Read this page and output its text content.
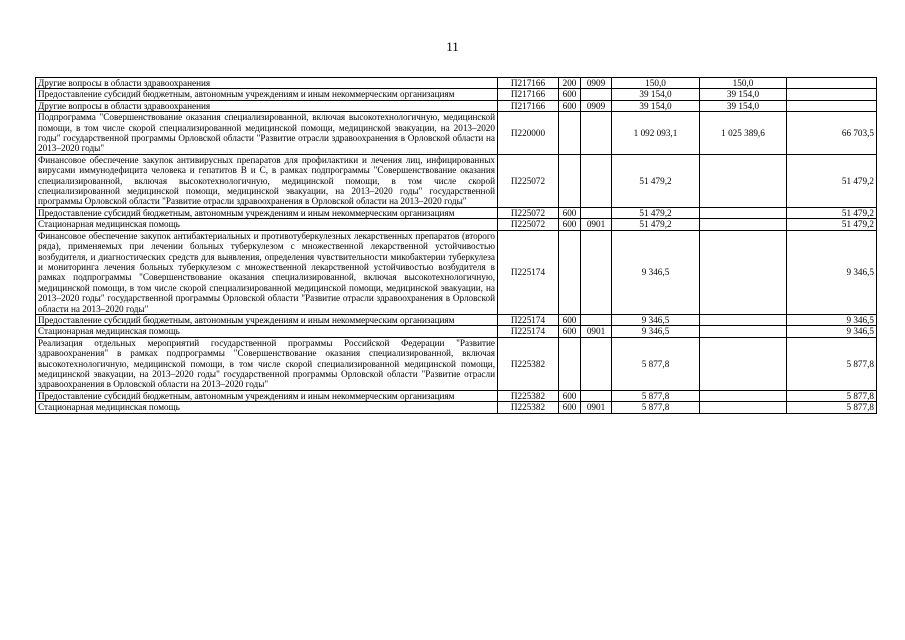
11
Другие вопросы в области здравоохранения	П217166	200	0909	150,0	150,0	
Предоставление субсидий бюджетным, автономным учреждениям и иным некоммерческим организациям	П217166	600		39 154,0	39 154,0	
Другие вопросы в области здравоохранения	П217166	600	0909	39 154,0	39 154,0	
Подпрограмма "Совершенствование оказания специализированной, включая высокотехнологичную, медицинской помощи, в том числе скорой специализированной медицинской помощи, медицинской эвакуации, на 2013–2020 годы" государственной программы Орловской области "Развитие отрасли здравоохранения в Орловской области на 2013–2020 годы"	П220000			1 092 093,1	1 025 389,6	66 703,5
Финансовое обеспечение закупок антивирусных препаратов для профилактики и лечения лиц, инфицированных вирусами иммунодефицита человека и гепатитов В и С, в рамках подпрограммы "Совершенствование оказания специализированной, включая высокотехнологичную, медицинской помощи, в том числе скорой специализированной медицинской помощи, медицинской эвакуации, на 2013–2020 годы" государственной программы Орловской области "Развитие отрасли здравоохранения в Орловской области на 2013–2020 годы"	П225072			51 479,2		51 479,2
Предоставление субсидий бюджетным, автономным учреждениям и иным некоммерческим организациям	П225072	600		51 479,2		51 479,2
Стационарная медицинская помощь	П225072	600	0901	51 479,2		51 479,2
Финансовое обеспечение закупок антибактериальных и противотуберкулезных лекарственных препаратов (второго ряда), применяемых при лечении больных туберкулезом с множественной лекарственной устойчивостью возбудителя, и диагностических средств для выявления, определения чувствительности микобактерии туберкулеза и мониторинга лечения больных туберкулезом с множественной лекарственной устойчивостью возбудителя в рамках подпрограммы "Совершенствование оказания специализированной, включая высокотехнологичную, медицинской помощи, в том числе скорой специализированной медицинской помощи, медицинской эвакуации, на 2013–2020 годы" государственной программы Орловской области "Развитие отрасли здравоохранения в Орловской области на 2013–2020 годы"	П225174			9 346,5		9 346,5
Предоставление субсидий бюджетным, автономным учреждениям и иным некоммерческим организациям	П225174	600		9 346,5		9 346,5
Стационарная медицинская помощь	П225174	600	0901	9 346,5		9 346,5
Реализация отдельных мероприятий государственной программы Российской Федерации "Развитие здравоохранения" в рамках подпрограммы "Совершенствование оказания специализированной, включая высокотехнологичную, медицинской помощи, в том числе скорой специализированной медицинской помощи, медицинской эвакуации, на 2013–2020 годы" государственной программы Орловской области "Развитие отрасли здравоохранения в Орловской области на 2013–2020 годы"	П225382			5 877,8		5 877,8
Предоставление субсидий бюджетным, автономным учреждениям и иным некоммерческим организациям	П225382	600		5 877,8		5 877,8
Стационарная медицинская помощь	П225382	600	0901	5 877,8		5 877,8
